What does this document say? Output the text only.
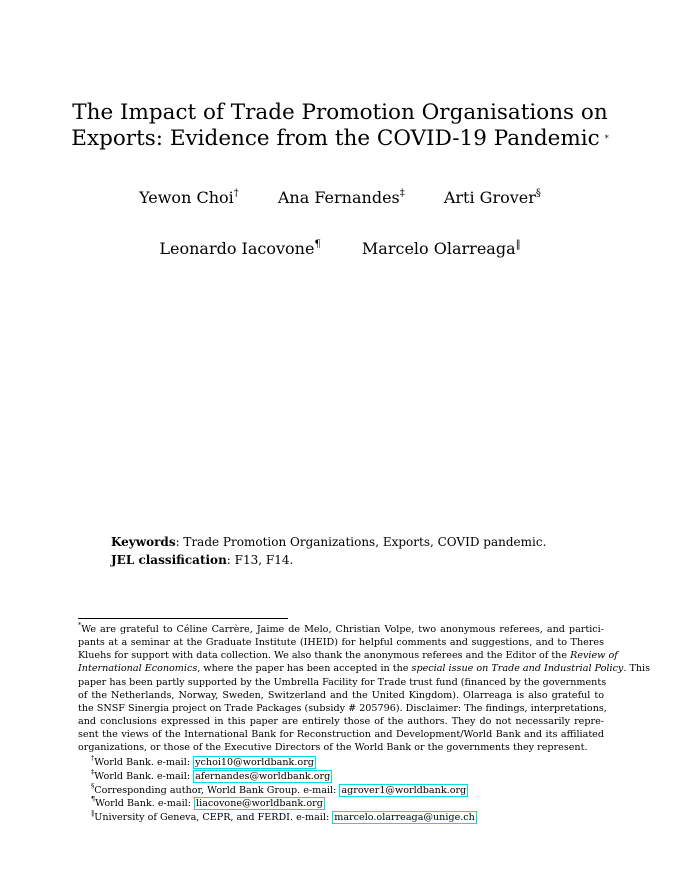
The Impact of Trade Promotion Organisations on
Exports: Evidence from the COVID-19 Pandemic *
Yewon Choi† Ana Fernandes‡ Arti Grover§
Leonardo Iacovone¶	Marcelo Olarreaga‖
Keywords: Trade Promotion Organizations, Exports, COVID pandemic.
JEL classification: F13, F14.
*We are grateful to Céline Carrère, Jaime de Melo, Christian Volpe, two anonymous referees, and partici-
pants at a seminar at the Graduate Institute (IHEID) for helpful comments and suggestions, and to Theres
Kluehs for support with data collection. We also thank the anonymous referees and the Editor of the Review of
International Economics, where the paper has been accepted in the special issue on Trade and Industrial Policy. This
paper has been partly supported by the Umbrella Facility for Trade trust fund (financed by the governments
of the Netherlands, Norway, Sweden, Switzerland and the United Kingdom). Olarreaga is also grateful to
the SNSF Sinergia project on Trade Packages (subsidy # 205796). Disclaimer: The findings, interpretations,
and conclusions expressed in this paper are entirely those of the authors. They do not necessarily repre-
sent the views of the International Bank for Reconstruction and Development/World Bank and its affiliated
organizations, or those of the Executive Directors of the World Bank or the governments they represent.
†World Bank. e-mail: ychoi10@worldbank.org
‡World Bank. e-mail: afernandes@worldbank.org
§Corresponding author, World Bank Group. e-mail: agrover1@worldbank.org
¶World Bank. e-mail: liacovone@worldbank.org
‖University of Geneva, CEPR, and FERDI. e-mail: marcelo.olarreaga@unige.ch
